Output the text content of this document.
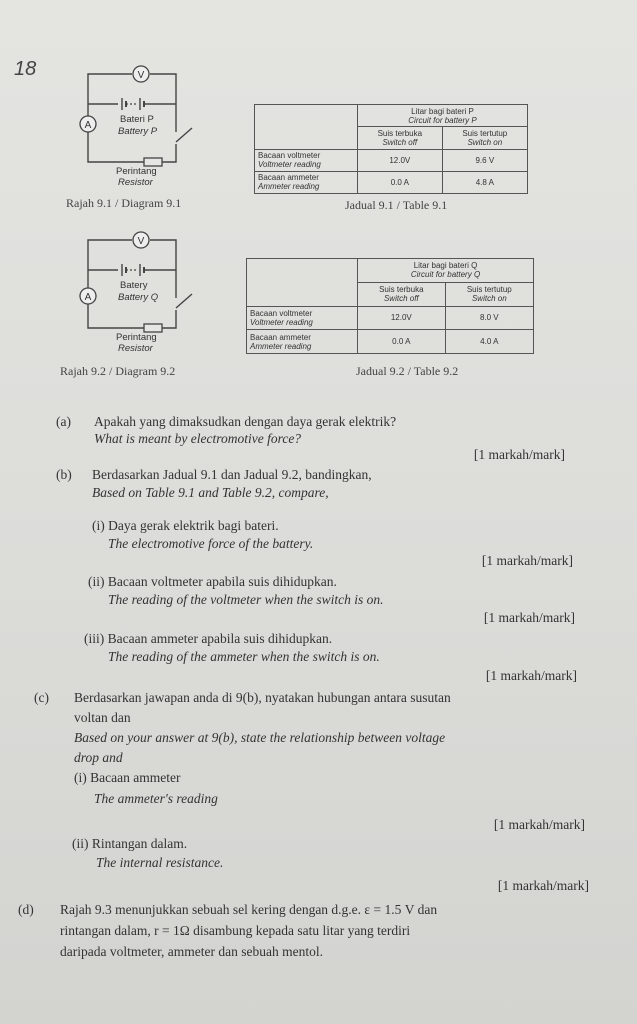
18	V
A
Bateri P
Battery P
Perintang
Resistor
Rajah 9.1 / Diagram 9.1
	Litar bagi bateri P
Circuit for battery P	
	Suis terbuka
Switch off	Suis tertutup
Switch on
Bacaan voltmeter
Voltmeter reading	12.0V	9.6 V
Bacaan ammeter
Ammeter reading	0.0 A	4.8 A
Jadual 9.1 / Table 9.1
V
A
Batery
Battery Q
Perintang
Resistor
Rajah 9.2 / Diagram 9.2
	Litar bagi bateri Q
Circuit for battery Q	
	Suis terbuka
Switch off	Suis tertutup
Switch on
Bacaan voltmeter
Voltmeter reading	12.0V	8.0 V
Bacaan ammeter
Ammeter reading	0.0 A	4.0 A
Jadual 9.2 / Table 9.2
(a) Apakah yang dimaksudkan dengan daya gerak elektrik?
What is meant by electromotive force?
[1 markah/mark]
(b) Berdasarkan Jadual 9.1 dan Jadual 9.2, bandingkan,
Based on Table 9.1 and Table 9.2, compare,
(i) Daya gerak elektrik bagi bateri.
The electromotive force of the battery.
[1 markah/mark]
(ii) Bacaan voltmeter apabila suis dihidupkan.
The reading of the voltmeter when the switch is on.
[1 markah/mark]
(iii) Bacaan ammeter apabila suis dihidupkan.
The reading of the ammeter when the switch is on.
[1 markah/mark]
(c) Berdasarkan jawapan anda di 9(b), nyatakan hubungan antara susutan
voltan dan
Based on your answer at 9(b), state the relationship between voltage
drop and
(i) Bacaan ammeter
The ammeter's reading
[1 markah/mark]
(ii) Rintangan dalam.
The internal resistance.
[1 markah/mark]
(d) Rajah 9.3 menunjukkan sebuah sel kering dengan d.g.e. ε = 1.5 V dan
rintangan dalam, r = 1Ω disambung kepada satu litar yang terdiri
daripada voltmeter, ammeter dan sebuah mentol.
